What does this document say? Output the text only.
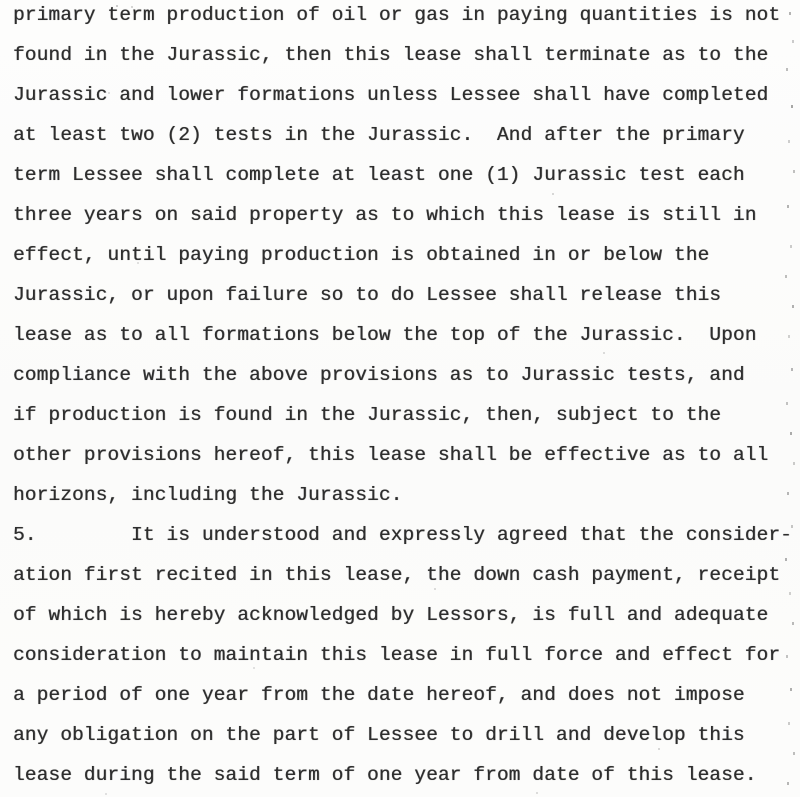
primary term production of oil or gas in paying quantities is not
found in the Jurassic, then this lease shall terminate as to the
Jurassic and lower formations unless Lessee shall have completed
at least two (2) tests in the Jurassic.  And after the primary
term Lessee shall complete at least one (1) Jurassic test each
three years on said property as to which this lease is still in
effect, until paying production is obtained in or below the
Jurassic, or upon failure so to do Lessee shall release this
lease as to all formations below the top of the Jurassic.  Upon
compliance with the above provisions as to Jurassic tests, and
if production is found in the Jurassic, then, subject to the
other provisions hereof, this lease shall be effective as to all
horizons, including the Jurassic.
5.        It is understood and expressly agreed that the consider-
ation first recited in this lease, the down cash payment, receipt
of which is hereby acknowledged by Lessors, is full and adequate
consideration to maintain this lease in full force and effect for
a period of one year from the date hereof, and does not impose
any obligation on the part of Lessee to drill and develop this
lease during the said term of one year from date of this lease.
